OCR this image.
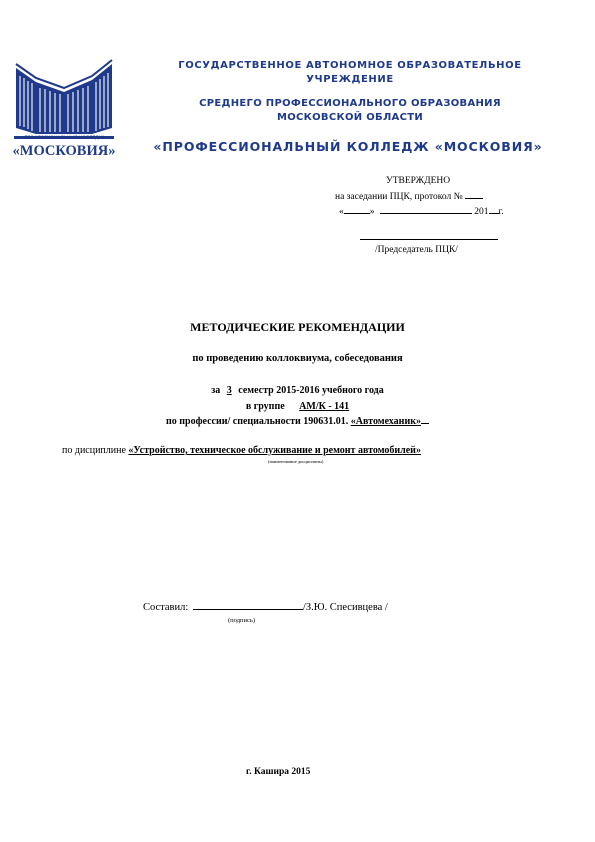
ПРОФЕССИОНАЛЬНЫЙ КОЛЛЕДЖ
«МОСКОВИЯ»
ГОСУДАРСТВЕННОЕ АВТОНОМНОЕ ОБРАЗОВАТЕЛЬНОЕ
УЧРЕЖДЕНИЕ
СРЕДНЕГО ПРОФЕССИОНАЛЬНОГО ОБРАЗОВАНИЯ
МОСКОВСКОЙ ОБЛАСТИ
«ПРОФЕССИОНАЛЬНЫЙ КОЛЛЕДЖ «МОСКОВИЯ»
УТВЕРЖДЕНО
на заседании ПЦК, протокол №
«	»	201 г.
/Председатель ПЦК/
МЕТОДИЧЕСКИЕ РЕКОМЕНДАЦИИ
по проведению коллоквиума, собеседования
за 3 семестр 2015-2016 учебного года
в группе АМ/К - 141
по профессии/ специальности 190631.01. «Автомеханик»
по дисциплине «Устройство, техническое обслуживание и ремонт автомобилей»
(наименование дисциплины)
Составил:	/З.Ю. Спесивцева /
(подпись)
г. Кашира 2015
